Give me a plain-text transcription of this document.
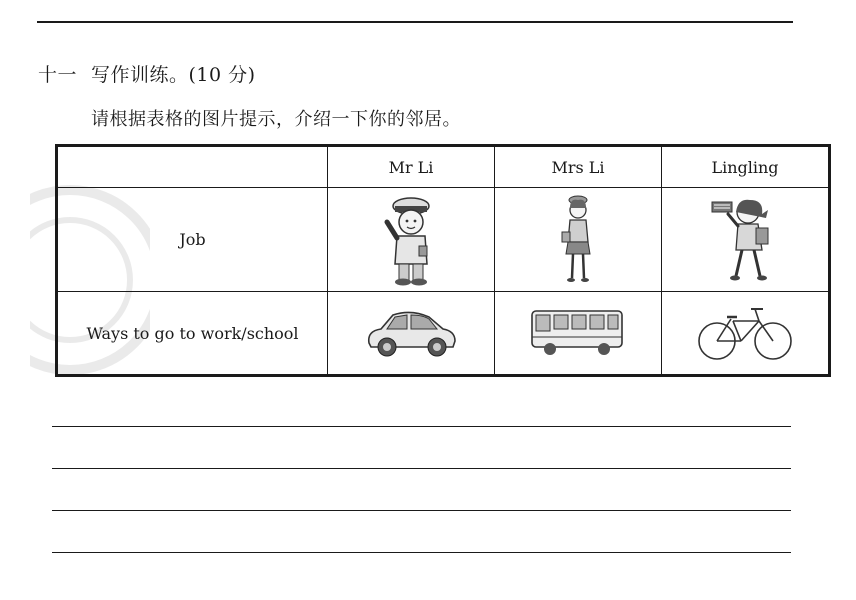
十一 写作训练。(10 分)
请根据表格的图片提示，介绍一下你的邻居。
	Mr Li	Mrs Li	Lingling
Job	

Ways to go to work/school	
